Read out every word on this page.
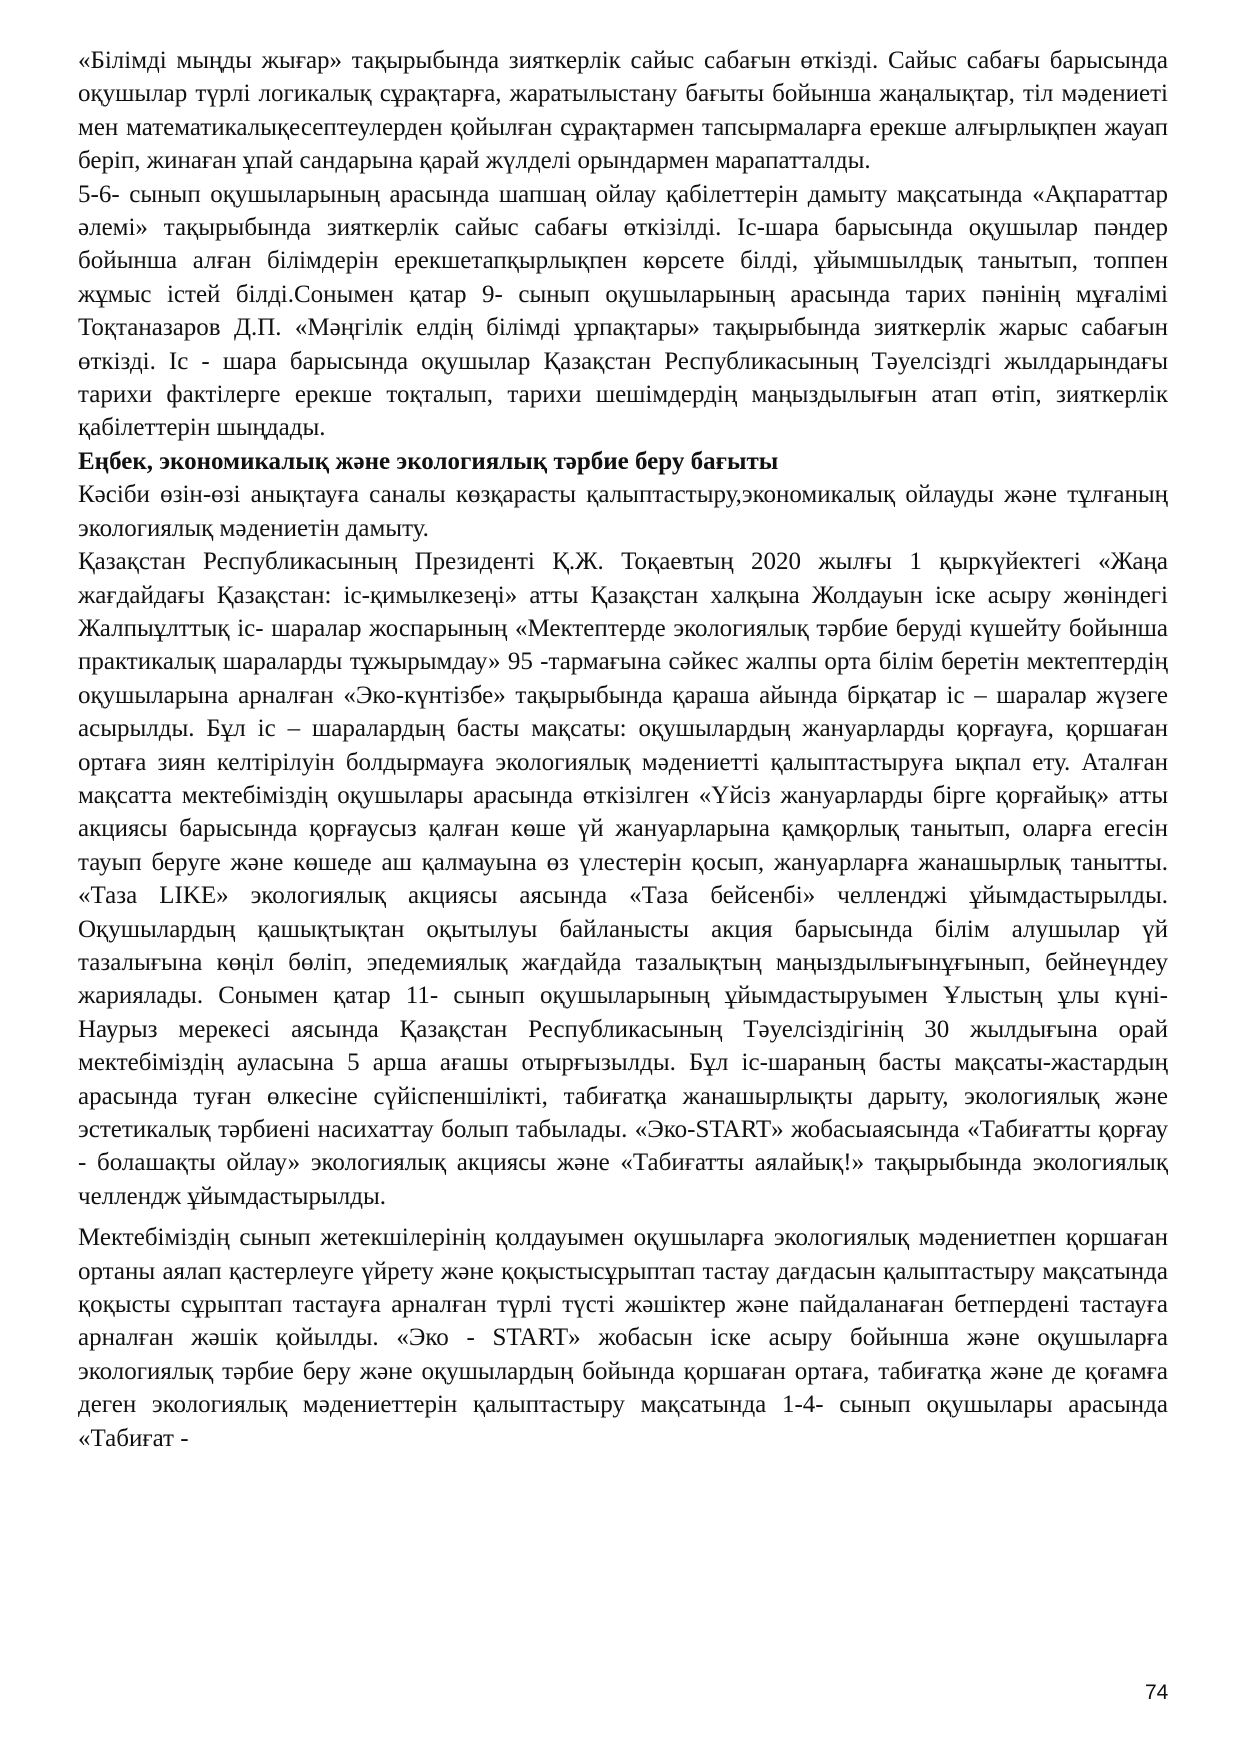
«Білімді мыңды жығар» тақырыбында зияткерлік сайыс сабағын өткізді. Сайыс сабағы барысында оқушылар түрлі логикалық сұрақтарға, жаратылыстану бағыты бойынша жаңалықтар, тіл мәдениеті мен математикалықесептеулерден қойылған сұрақтармен тапсырмаларға ерекше алғырлықпен жауап беріп, жинаған ұпай сандарына қарай жүлделі орындармен марапатталды.

5-6- сынып оқушыларының арасында шапшаң ойлау қабілеттерін дамыту мақсатында «Ақпараттар әлемі» тақырыбында зияткерлік сайыс сабағы өткізілді. Іс-шара барысында оқушылар пәндер бойынша алған білімдерін ерекшетапқырлықпен көрсете білді, ұйымшылдық танытып, топпен жұмыс істей білді.Сонымен қатар 9- сынып оқушыларының арасында тарих пәнінің мұғалімі Тоқтаназаров Д.П. «Мәңгілік елдің білімді ұрпақтары» тақырыбында зияткерлік жарыс сабағын өткізді. Іс - шара барысында оқушылар Қазақстан Республикасының Тәуелсіздгі жылдарындағы тарихи фактілерге ерекше тоқталып, тарихи шешімдердің маңыздылығын атап өтіп, зияткерлік қабілеттерін шыңдады.

Еңбек, экономикалық және экологиялық тәрбие беру бағыты

Кәсіби өзін-өзі анықтауға саналы көзқарасты қалыптастыру,экономикалық ойлауды және тұлғаның экологиялық мәдениетін дамыту.

Қазақстан Республикасының Президенті Қ.Ж. Тоқаевтың 2020 жылғы 1 қыркүйектегі «Жаңа жағдайдағы Қазақстан: іс-қимылкезеңі» атты Қазақстан халқына Жолдауын іске асыру жөніндегі Жалпыұлттық іс- шаралар жоспарының «Мектептерде экологиялық тәрбие беруді күшейту бойынша практикалық шараларды тұжырымдау» 95 -тармағына сәйкес жалпы орта білім беретін мектептердің оқушыларына арналған «Эко-күнтізбе» тақырыбында қараша айында бірқатар іс – шаралар жүзеге асырылды. Бұл іс – шаралардың басты мақсаты: оқушылардың жануарларды қорғауға, қоршаған ортаға зиян келтірілуін болдырмауға экологиялық мәдениетті қалыптастыруға ықпал ету. Аталған мақсатта мектебіміздің оқушылары арасында өткізілген «Үйсіз жануарларды бірге қорғайық» атты акциясы барысында қорғаусыз қалған көше үй жануарларына қамқорлық танытып, оларға егесін тауып беруге және көшеде аш қалмауына өз үлестерін қосып, жануарларға жанашырлық танытты. «Таза LIKE» экологиялық акциясы аясында «Таза бейсенбі» челленджі ұйымдастырылды. Оқушылардың қашықтықтан оқытылуы байланысты акция барысында білім алушылар үй тазалығына көңіл бөліп, эпедемиялық жағдайда тазалықтың маңыздылығынұғынып, бейнеүндеу жариялады. Сонымен қатар 11- сынып оқушыларының ұйымдастыруымен Ұлыстың ұлы күні- Наурыз мерекесі аясында Қазақстан Республикасының Тәуелсіздігінің 30 жылдығына орай мектебіміздің ауласына 5 арша ағашы отырғызылды. Бұл іс-шараның басты мақсаты-жастардың арасында туған өлкесіне сүйіспеншілікті, табиғатқа жанашырлықты дарыту, экологиялық және эстетикалық тәрбиені насихаттау болып табылады. «Эко-START» жобасыаясында «Табиғатты қорғау - болашақты ойлау» экологиялық акциясы және «Табиғатты аялайық!» тақырыбында экологиялық челлендж ұйымдастырылды.

Мектебіміздің сынып жетекшілерінің қолдауымен оқушыларға экологиялық мәдениетпен қоршаған ортаны аялап қастерлеуге үйрету және қоқыстысұрыптап тастау дағдасын қалыптастыру мақсатында қоқысты сұрыптап тастауға арналған түрлі түсті жәшіктер және пайдаланаған бетпердені тастауға арналған жәшік қойылды. «Эко - START» жобасын іске асыру бойынша және оқушыларға экологиялық тәрбие беру және оқушылардың бойында қоршаған ортаға, табиғатқа және де қоғамға деген экологиялық мәдениеттерін қалыптастыру мақсатында 1-4- сынып оқушылары арасында «Табиғат -

74
